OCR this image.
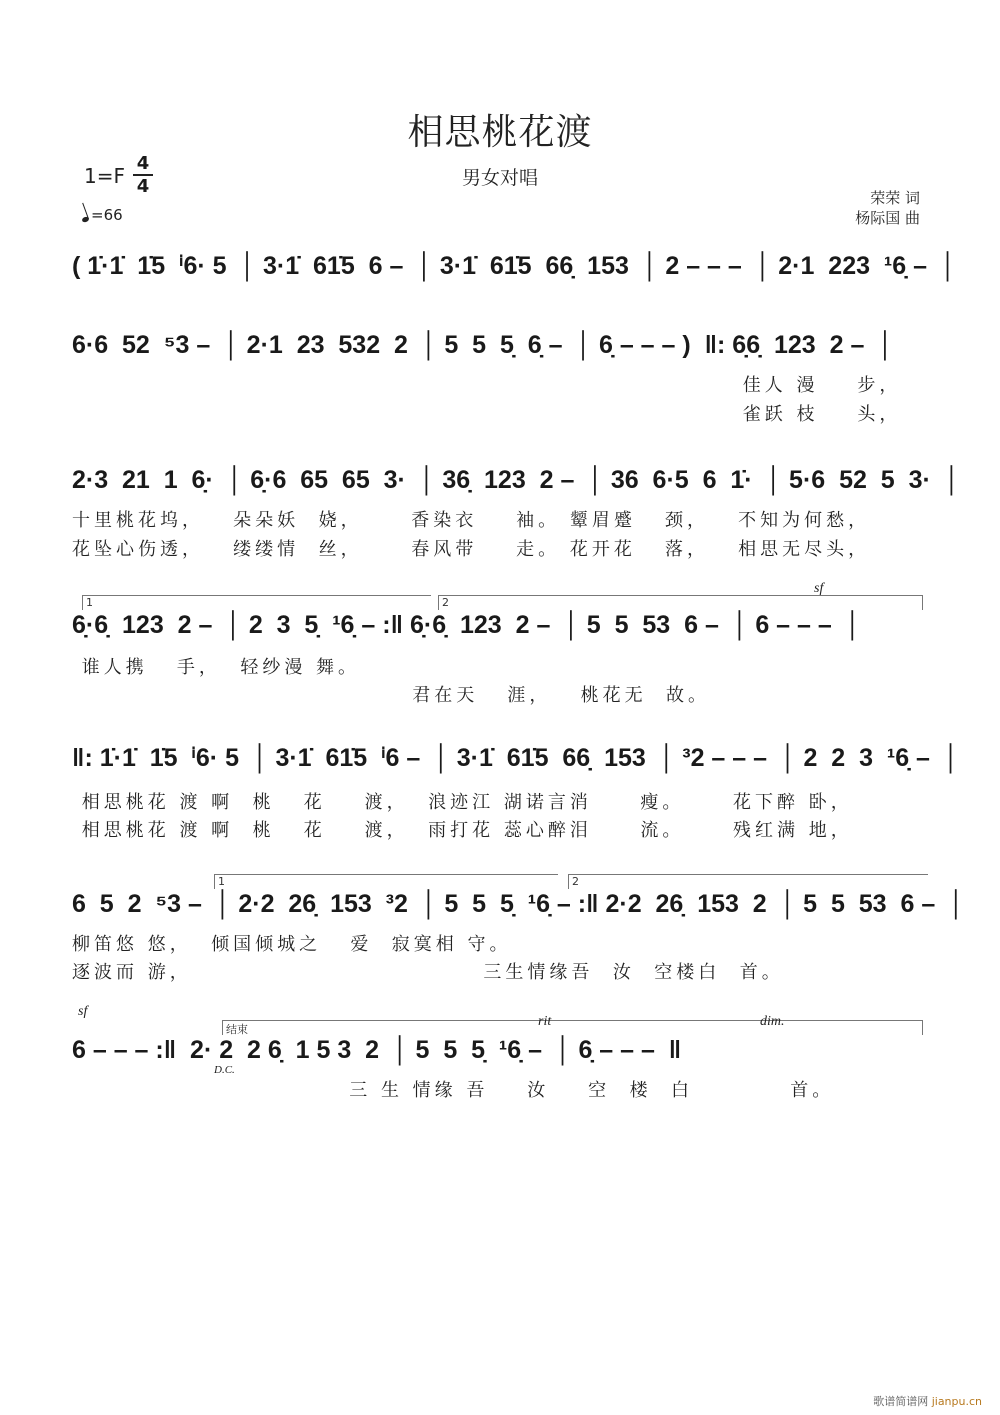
相思桃花渡
男女对唱
1=F
4
4
=66
荣荣 词
杨际国 曲
( 1̇·1̇  1̇5  ⁱ6· 5  │ 3·1̇  61̇5  6 –  │ 3·1̇  61̇5  66̣  153  │ 2 – – –  │ 2·1  223  ¹6̣ –  │
6·6  52  ⁵3 –  │ 2·1  23  532  2  │ 5  5  5̣  6̣ –  │ 6̣ – – – )  ‖: 6̣6̣  123  2 –  │
佳人 漫    步，
雀跃 枝    头，
2·3  21  1  6̣·  │ 6̣·6  65  65  3·  │ 36̣  123  2 –  │ 36  6·5  6  1̇·  │ 5·6  52  5  3·  │
十里桃花坞，   朵朵妖  娆，     香染衣    袖。 颦眉蹙   颈，   不知为何愁，
花坠心伤透，   缕缕情  丝，     春风带    走。 花开花   落，   相思无尽头，
1	2
sf
6̣·6̣  123  2 –  │ 2  3  5̣  ¹6̣ – :‖ 6̣·6̣  123  2 –  │ 5  5  53  6 –  │ 6 – – –  │
谁人携   手，  轻纱漫 舞。
君在天   涯，   桃花无  故。
‖: 1̇·1̇  1̇5  ⁱ6· 5  │ 3·1̇  61̇5  ⁱ6 –  │ 3·1̇  61̇5  66̣  153  │ ³2 – – –  │ 2  2  3  ¹6̣ –  │
相思桃花 渡 啊  桃   花    渡，  浪迹江 湖诺言消     瘦。     花下醉 卧，
相思桃花 渡 啊  桃   花    渡，  雨打花 蕊心醉泪     流。     残红满 地，
1	2
6  5  2  ⁵3 –  │ 2·2  26̣  153  ³2  │ 5  5  5̣  ¹6̣ – :‖ 2·2  26̣  153  2  │ 5  5  53  6 –  │
柳笛悠 悠，  倾国倾城之   爱  寂寞相 守。
逐波而 游，                              三生情缘吾  汝  空楼白  首。
sf
结束
rit	dim.
D.C.
6 – – – :‖  2· 2  2 6̣  1 5 3  2  │ 5  5  5̣  ¹6̣ –  │ 6̣ – – –  ‖
三 生 情缘 吾    汝    空  楼  白          首。
歌谱简谱网 jianpu.cn
